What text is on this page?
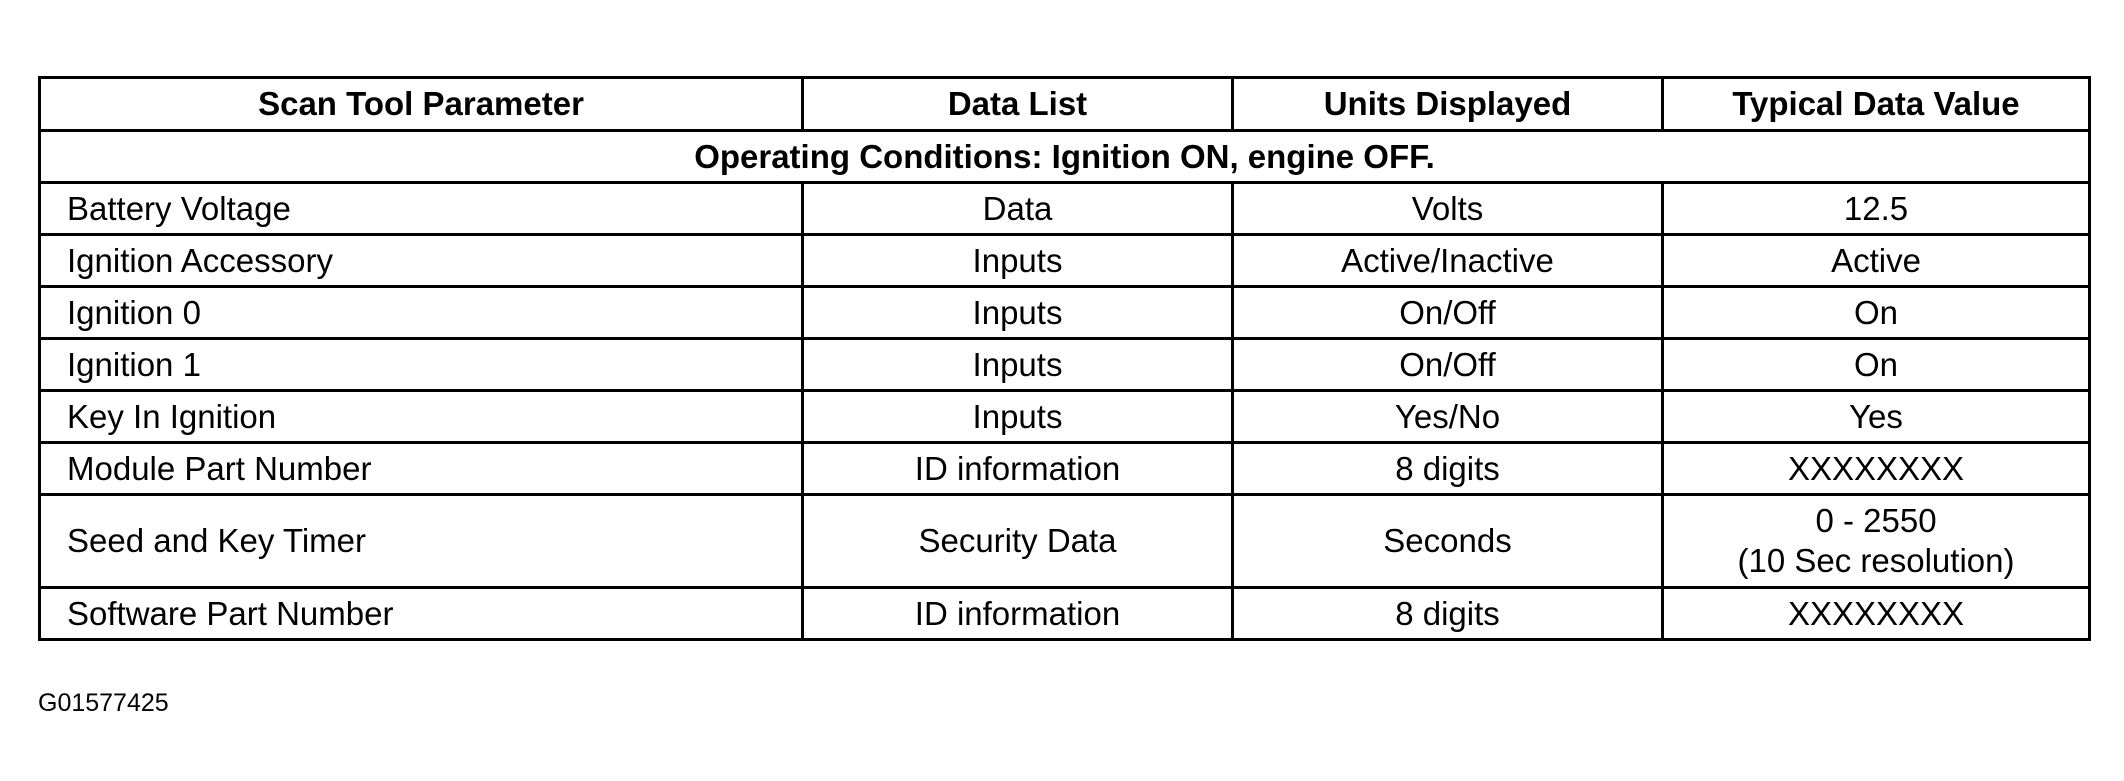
Scan Tool Parameter	Data List	Units Displayed	Typical Data Value
Operating Conditions: Ignition ON, engine OFF.			
Battery Voltage	Data	Volts	12.5
Ignition Accessory	Inputs	Active/Inactive	Active
Ignition 0	Inputs	On/Off	On
Ignition 1	Inputs	On/Off	On
Key In Ignition	Inputs	Yes/No	Yes
Module Part Number	ID information	8 digits	XXXXXXXX
Seed and Key Timer	Security Data	Seconds	0 - 2550
(10 Sec resolution)

Software Part Number	ID information	8 digits	XXXXXXXX
G01577425
